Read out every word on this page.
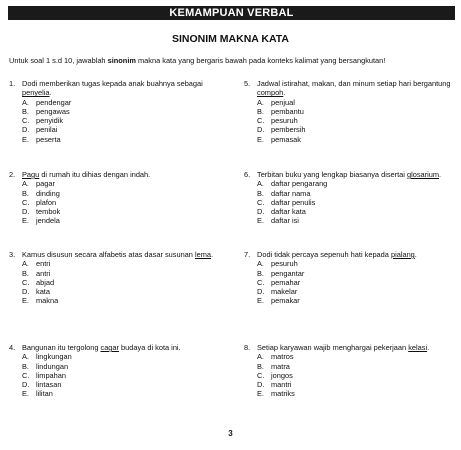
KEMAMPUAN VERBAL
SINONIM MAKNA KATA
Untuk soal 1 s.d 10, jawablah sinonim makna kata yang bergaris bawah pada konteks kalimat yang bersangkutan!
1. Dodi memberikan tugas kepada anak buahnya sebagai penyelia.
A. pendengar
B. pengawas
C. penyidik
D. penilai
E. peserta
2. Pagu di rumah itu dihias dengan indah.
A. pagar
B. dinding
C. plafon
D. tembok
E. jendela
3. Kamus disusun secara alfabetis atas dasar susunan lema.
A. entri
B. antri
C. abjad
D. kata
E. makna
4. Bangunan itu tergolong cagar budaya di kota ini.
A. lingkungan
B. lindungan
C. limpahan
D. lintasan
E. lilitan
5. Jadwal istirahat, makan, dan minum setiap hari bergantung compoh.
A. penjual
B. pembantu
C. pesuruh
D. pembersih
E. pemasak
6. Terbitan buku yang lengkap biasanya disertai glosarium.
A. daftar pengarang
B. daftar nama
C. daftar penulis
D. daftar kata
E. daftar isi
7. Dodi tidak percaya sepenuh hati kepada pialang.
A. pesuruh
B. pengantar
C. pemahar
D. makelar
E. pemakar
8. Setiap karyawan wajib menghargai pekerjaan kelasi.
A. matros
B. matra
C. jongos
D. mantri
E. matriks
3
